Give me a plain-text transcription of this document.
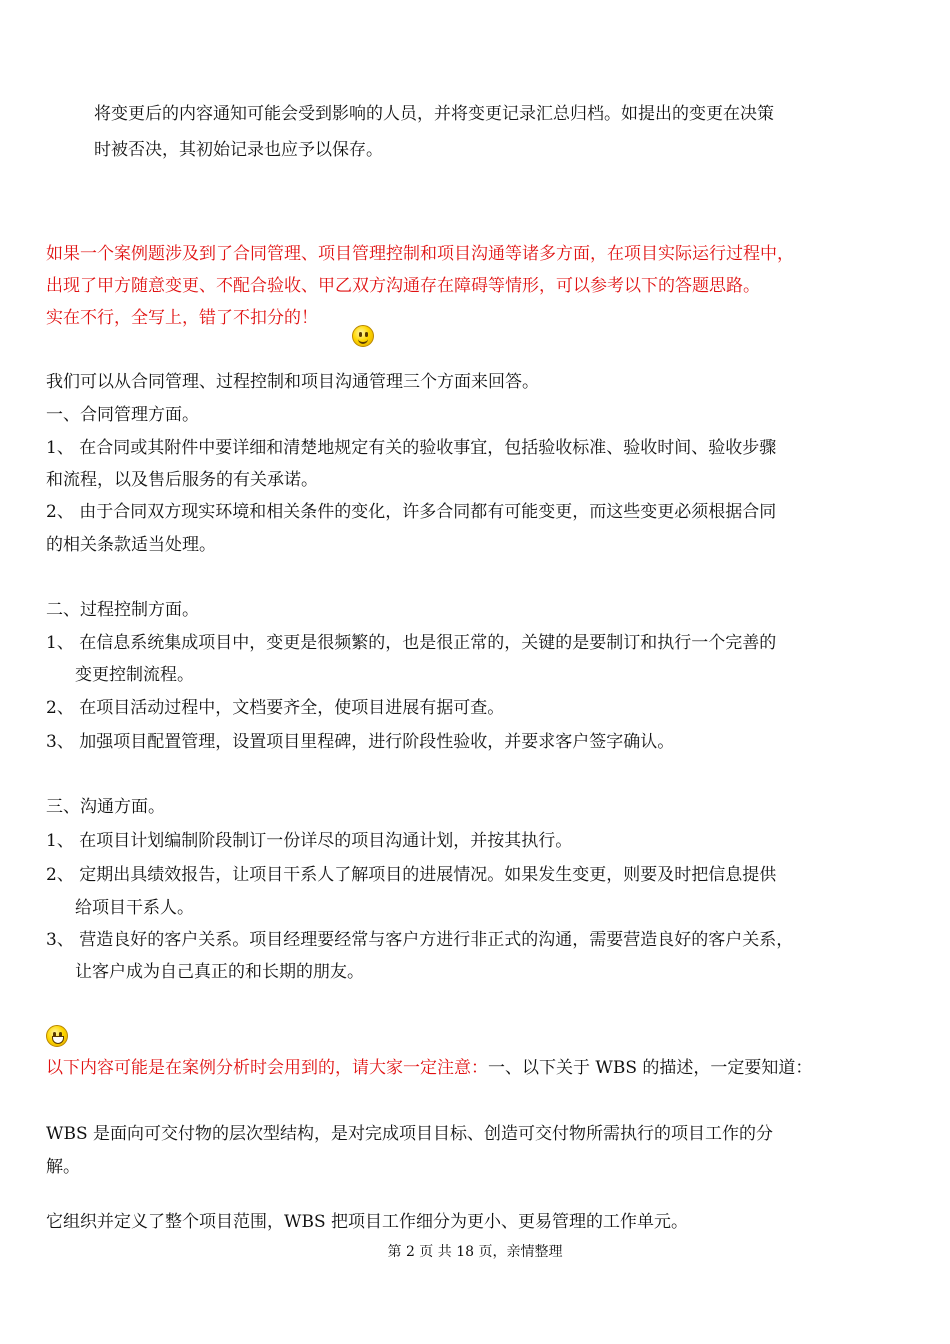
将变更后的内容通知可能会受到影响的人员，并将变更记录汇总归档。如提出的变更在决策
时被否决，其初始记录也应予以保存。
如果一个案例题涉及到了合同管理、项目管理控制和项目沟通等诸多方面，在项目实际运行过程中，
出现了甲方随意变更、不配合验收、甲乙双方沟通存在障碍等情形，可以参考以下的答题思路。
实在不行，全写上，错了不扣分的！
我们可以从合同管理、过程控制和项目沟通管理三个方面来回答。
一、合同管理方面。
1、 在合同或其附件中要详细和清楚地规定有关的验收事宜，包括验收标准、验收时间、验收步骤
和流程，以及售后服务的有关承诺。
2、 由于合同双方现实环境和相关条件的变化，许多合同都有可能变更，而这些变更必须根据合同
的相关条款适当处理。
二、过程控制方面。
1、 在信息系统集成项目中，变更是很频繁的，也是很正常的，关键的是要制订和执行一个完善的
变更控制流程。
2、 在项目活动过程中，文档要齐全，使项目进展有据可查。
3、 加强项目配置管理，设置项目里程碑，进行阶段性验收，并要求客户签字确认。
三、沟通方面。
1、 在项目计划编制阶段制订一份详尽的项目沟通计划，并按其执行。
2、 定期出具绩效报告，让项目干系人了解项目的进展情况。如果发生变更，则要及时把信息提供
给项目干系人。
3、 营造良好的客户关系。项目经理要经常与客户方进行非正式的沟通，需要营造良好的客户关系，
让客户成为自己真正的和长期的朋友。
以下内容可能是在案例分析时会用到的，请大家一定注意：一、以下关于 WBS 的描述，一定要知道：
WBS 是面向可交付物的层次型结构，是对完成项目目标、创造可交付物所需执行的项目工作的分
解。
它组织并定义了整个项目范围，WBS 把项目工作细分为更小、更易管理的工作单元。
第 2 页 共 18 页，亲情整理
